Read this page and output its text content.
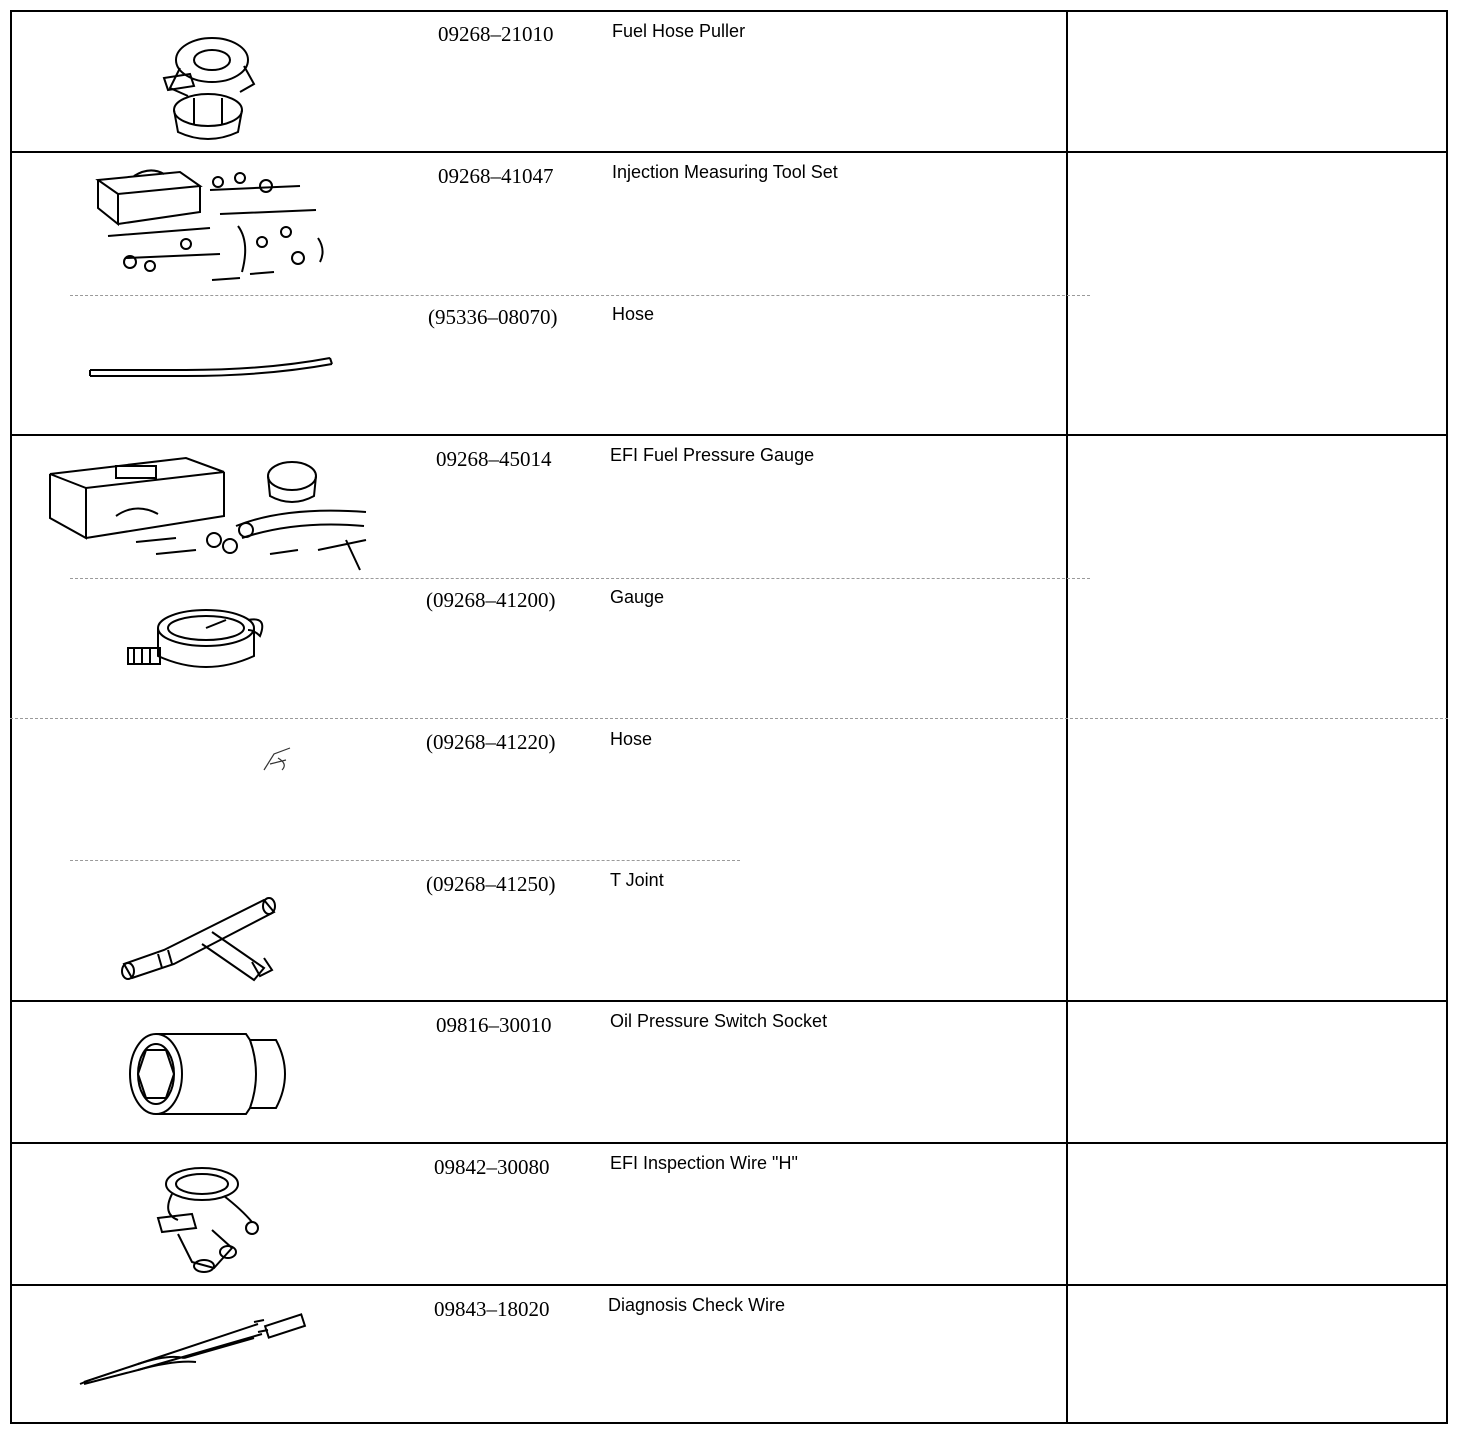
09268–21010	Fuel Hose Puller
09268–41047	Injection Measuring Tool Set
(95336–08070)	Hose
09268–45014	EFI Fuel Pressure Gauge
(09268–41200)	Gauge
(09268–41220)	Hose
(09268–41250)	T Joint
09816–30010	Oil Pressure Switch Socket
09842–30080	EFI Inspection Wire "H"
09843–18020	Diagnosis Check Wire
